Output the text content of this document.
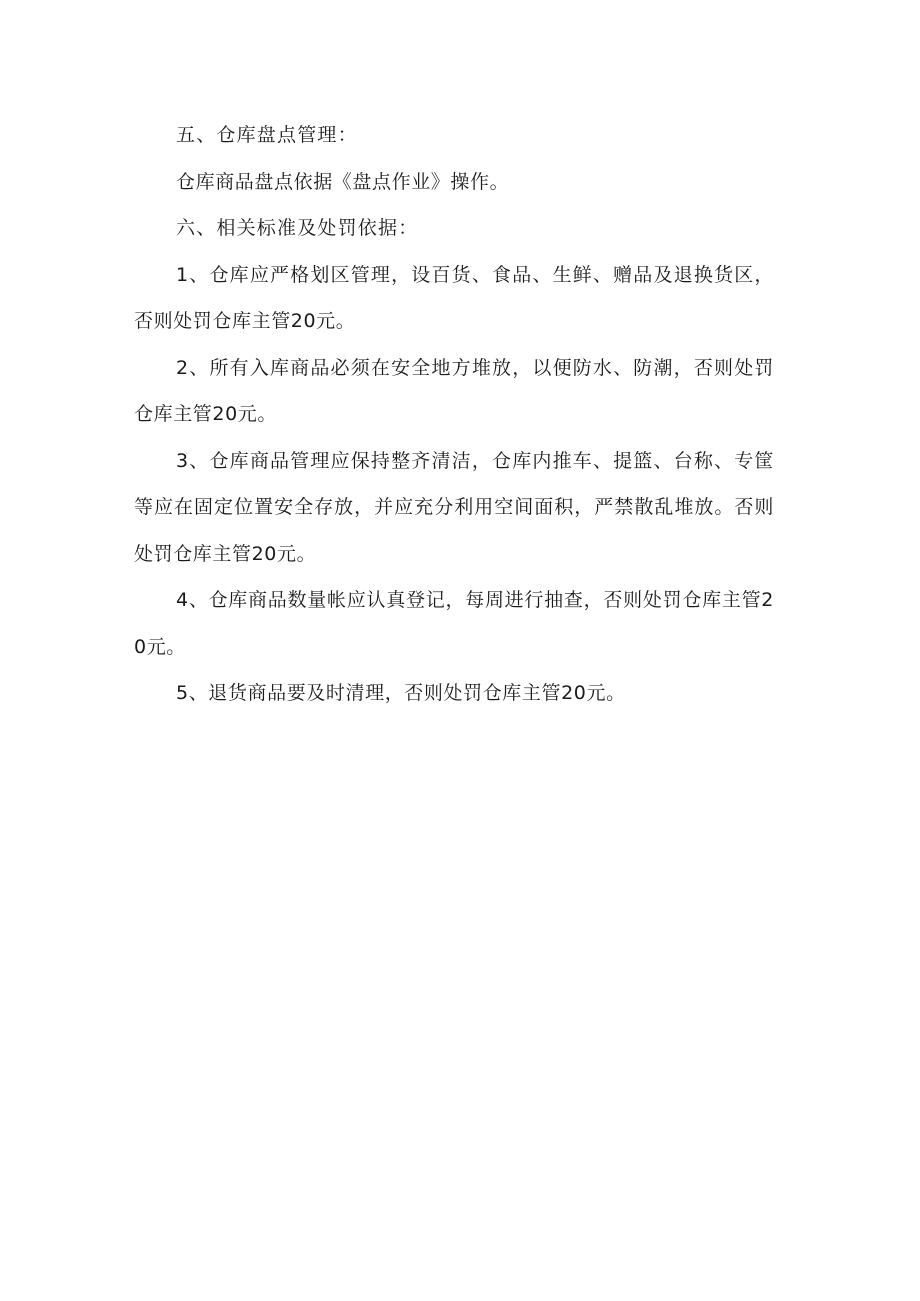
五、仓库盘点管理：

仓库商品盘点依据《盘点作业》操作。

六、相关标准及处罚依据：

1、仓库应严格划区管理，设百货、食品、生鲜、赠品及退换货区，否则处罚仓库主管20元。

2、所有入库商品必须在安全地方堆放，以便防水、防潮，否则处罚仓库主管20元。

3、仓库商品管理应保持整齐清洁，仓库内推车、提篮、台称、专筐等应在固定位置安全存放，并应充分利用空间面积，严禁散乱堆放。否则处罚仓库主管20元。

4、仓库商品数量帐应认真登记，每周进行抽查，否则处罚仓库主管20元。

5、退货商品要及时清理，否则处罚仓库主管20元。
